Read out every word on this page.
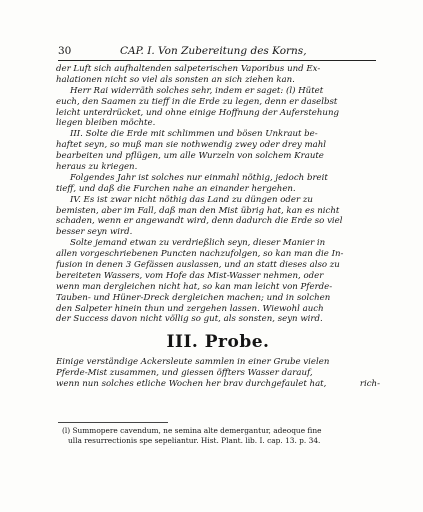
30	CAP. I. Von Zubereitung des Korns,
der Luft sich aufhaltenden salpeterischen Vaporibus und Ex-
halationen nicht so viel als sonsten an sich ziehen kan.
Herr Rai widerräth solches sehr, indem er saget: (l) Hütet
euch, den Saamen zu tieff in die Erde zu legen, denn er daselbst
leicht unterdrücket, und ohne einige Hoffnung der Auferstehung
liegen bleiben möchte.
III. Solte die Erde mit schlimmen und bösen Unkraut be-
haftet seyn, so muß man sie nothwendig zwey oder drey mahl
bearbeiten und pflügen, um alle Wurzeln von solchem Kraute
heraus zu kriegen.
Folgendes Jahr ist solches nur einmahl nöthig, jedoch breit
tieff, und daß die Furchen nahe an einander hergehen.
IV. Es ist zwar nicht nöthig das Land zu düngen oder zu
bemisten, aber im Fall, daß man den Mist übrig hat, kan es nicht
schaden, wenn er angewandt wird, denn dadurch die Erde so viel
besser seyn wird.
Solte jemand etwan zu verdrießlich seyn, dieser Manier in
allen vorgeschriebenen Puncten nachzufolgen, so kan man die In-
fusion in denen 3 Gefässen auslassen, und an statt dieses also zu
bereiteten Wassers, vom Hofe das Mist-Wasser nehmen, oder
wenn man dergleichen nicht hat, so kan man leicht von Pferde-
Tauben- und Hüner-Dreck dergleichen machen; und in solchen
den Salpeter hinein thun und zergehen lassen. Wiewohl auch
der Success davon nicht völlig so gut, als sonsten, seyn wird.
III. Probe.
Einige verständige Ackersleute sammlen in einer Grube vielen
Pferde-Mist zusammen, und giessen öffters Wasser darauf,
wenn nun solches etliche Wochen her brav durchgefaulet hat,	rich-
(l) Summopere cavendum, ne semina alte demergantur, adeoque fine
ulla resurrectionis spe sepeliantur. Hist. Plant. lib. I. cap. 13. p. 34.
